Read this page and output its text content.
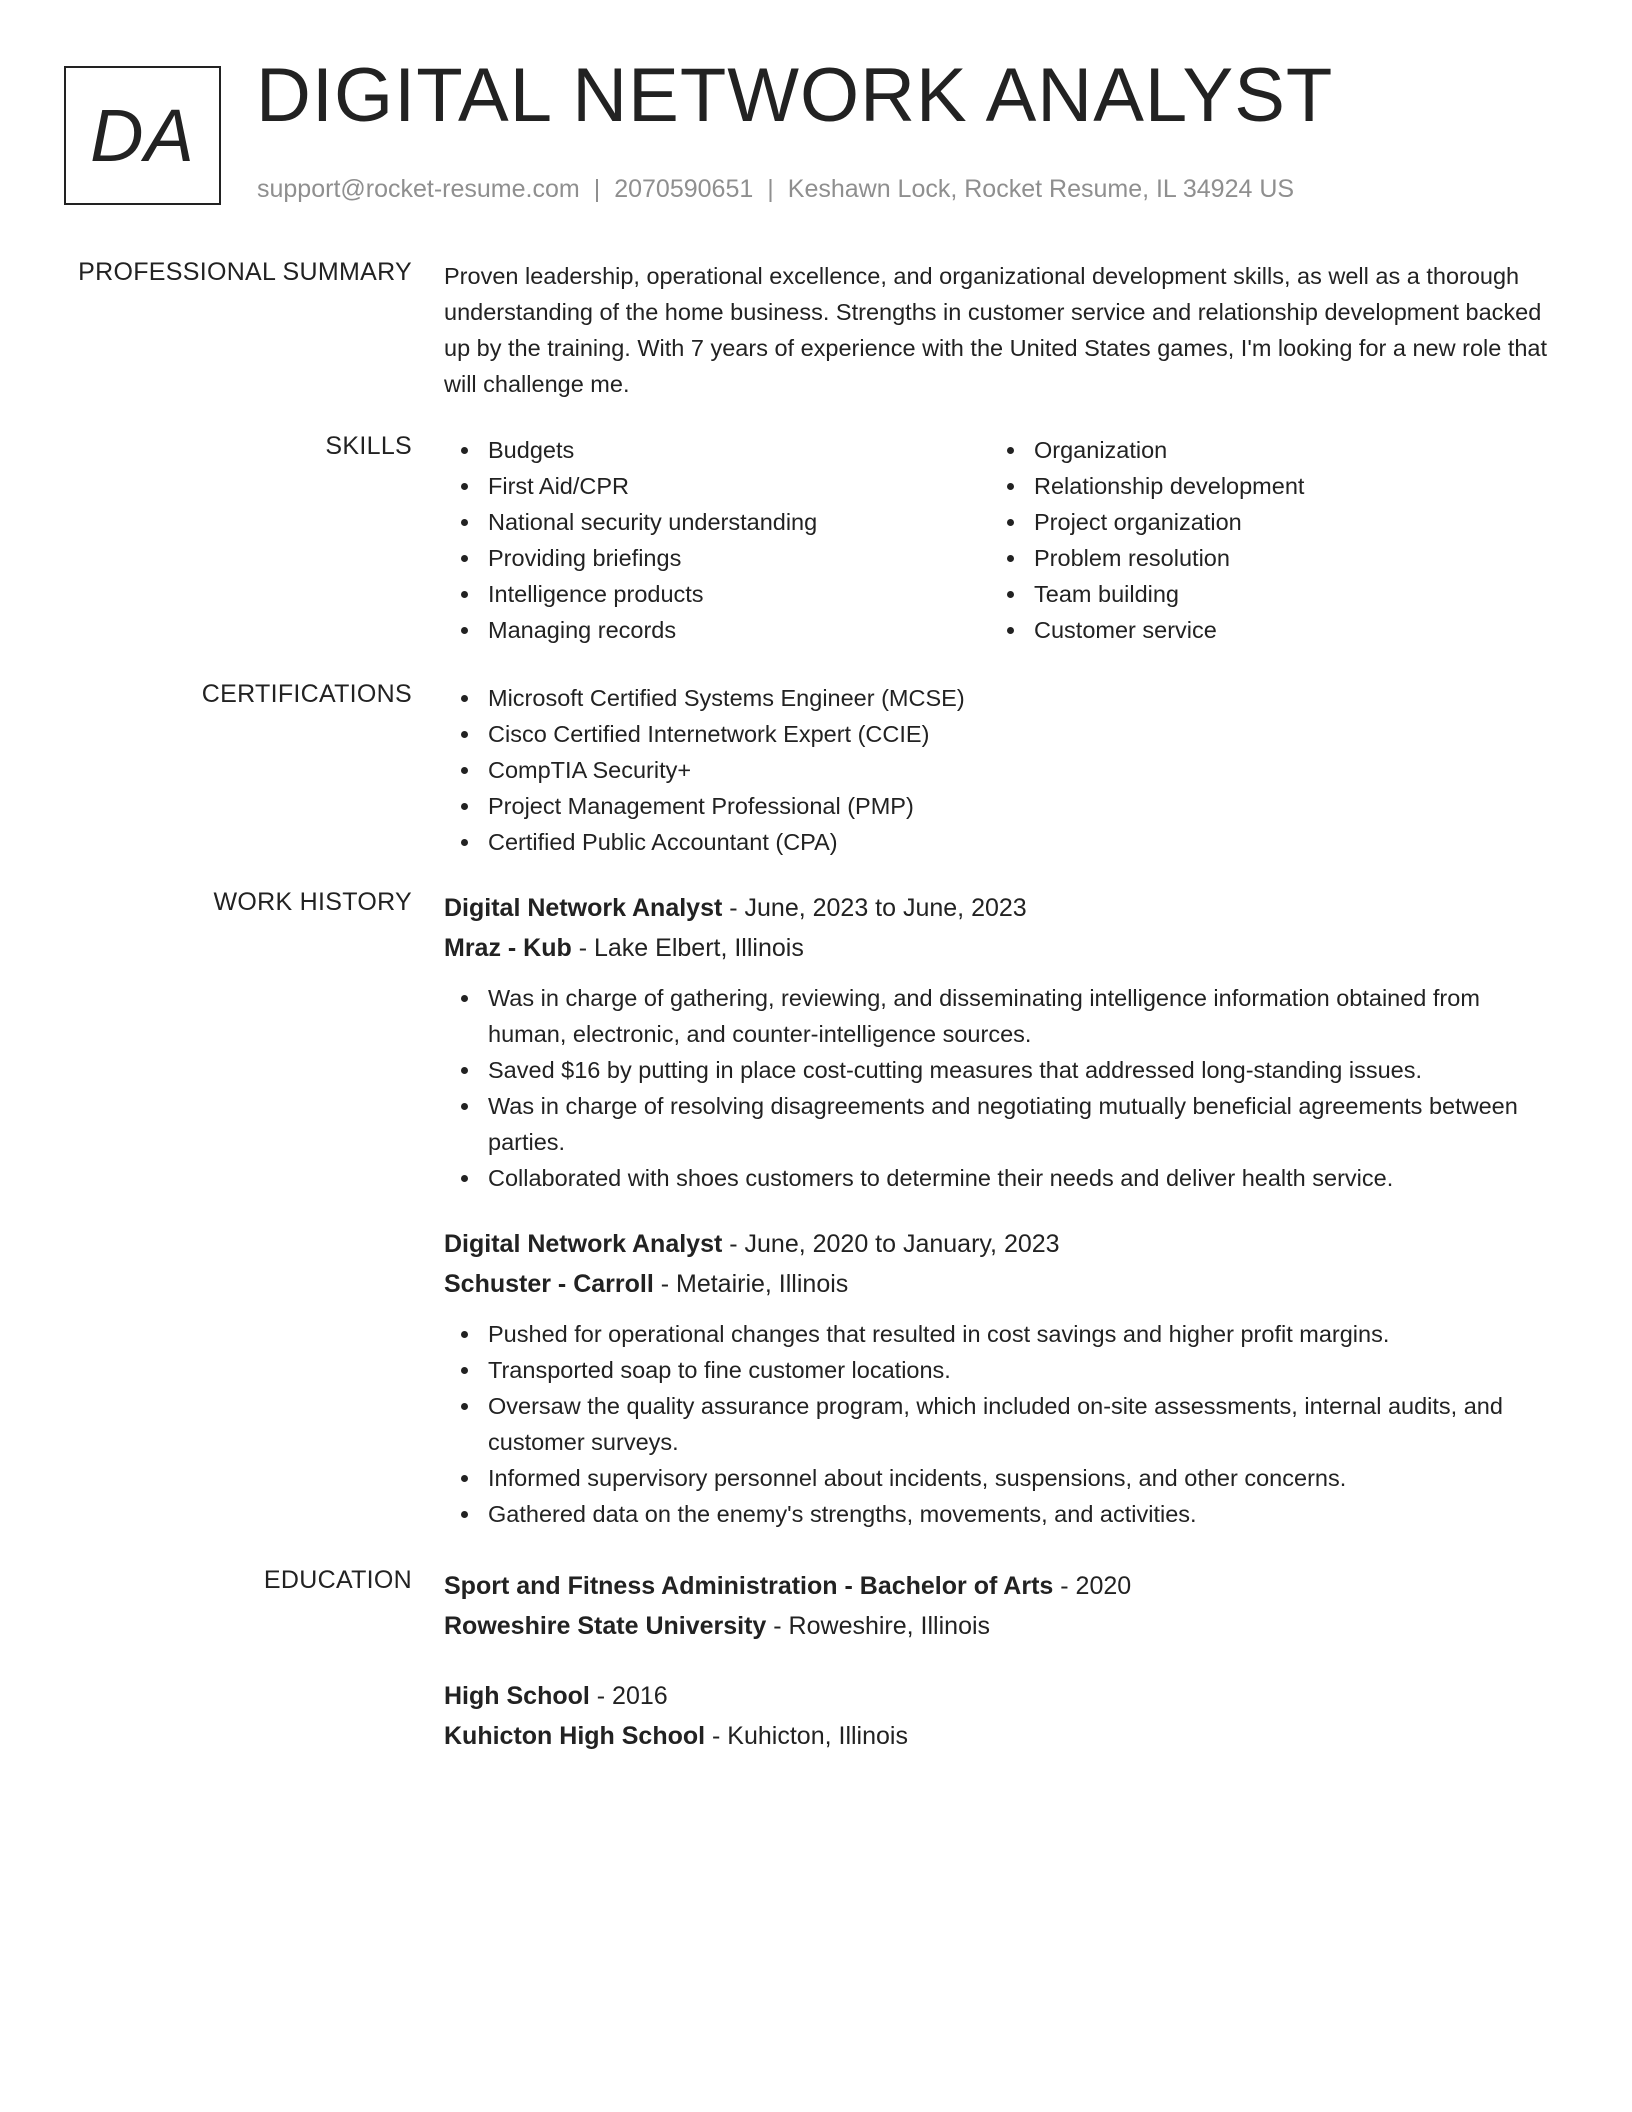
DA DIGITAL NETWORK ANALYST
support@rocket-resume.com | 2070590651 | Keshawn Lock, Rocket Resume, IL 34924 US
PROFESSIONAL SUMMARY Proven leadership, operational excellence, and organizational development skills, as well as a thorough understanding of the home business. Strengths in customer service and relationship development backed up by the training. With 7 years of experience with the United States games, I'm looking for a new role that will challenge me.

SKILLS	Budgets
First Aid/CPR
National security understanding
Providing briefings
Intelligence products
Managing records
Organization
Relationship development
Project organization
Problem resolution
Team building
Customer service
CERTIFICATIONS	Microsoft Certified Systems Engineer (MCSE)
Cisco Certified Internetwork Expert (CCIE)
CompTIA Security+
Project Management Professional (PMP)
Certified Public Accountant (CPA)
WORK HISTORY Digital Network Analyst - June, 2023 to June, 2023
Mraz - Kub - Lake Elbert, Illinois
Was in charge of gathering, reviewing, and disseminating intelligence information obtained from human, electronic, and counter-intelligence sources.
Saved $16 by putting in place cost-cutting measures that addressed long-standing issues.
Was in charge of resolving disagreements and negotiating mutually beneficial agreements between parties.
Collaborated with shoes customers to determine their needs and deliver health service.
Digital Network Analyst - June, 2020 to January, 2023
Schuster - Carroll - Metairie, Illinois
Pushed for operational changes that resulted in cost savings and higher profit margins.
Transported soap to fine customer locations.
Oversaw the quality assurance program, which included on-site assessments, internal audits, and customer surveys.
Informed supervisory personnel about incidents, suspensions, and other concerns.
Gathered data on the enemy's strengths, movements, and activities.
EDUCATION Sport and Fitness Administration - Bachelor of Arts - 2020
Roweshire State University - Roweshire, Illinois
High School - 2016
Kuhicton High School - Kuhicton, Illinois
